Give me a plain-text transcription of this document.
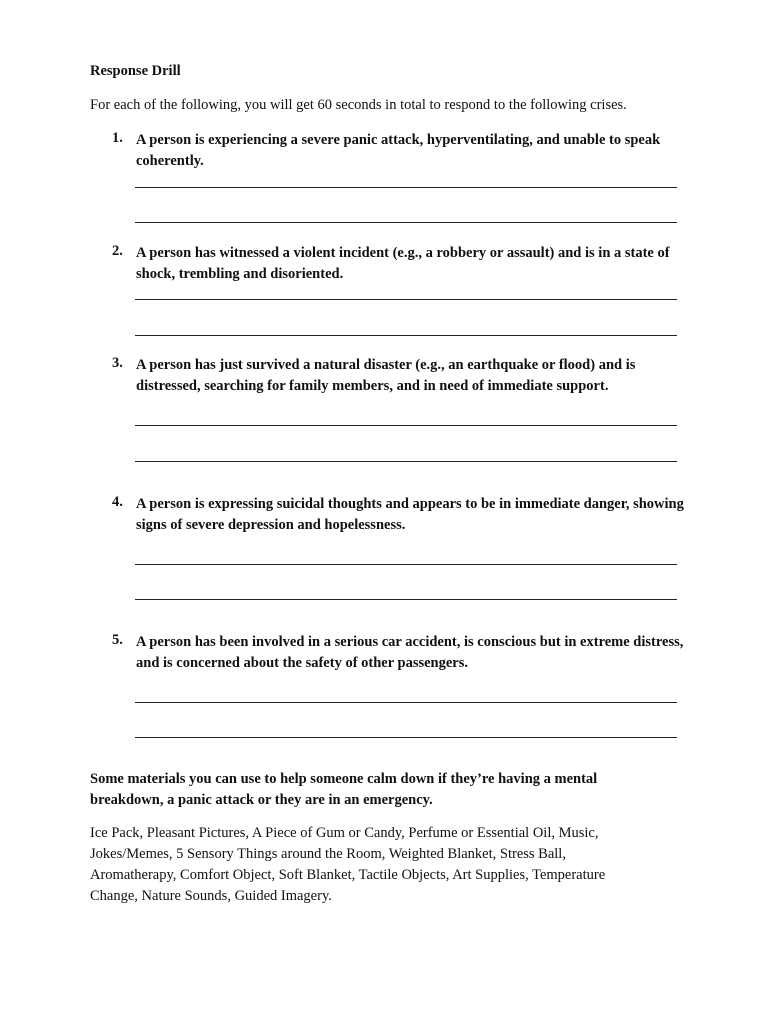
Response Drill
For each of the following, you will get 60 seconds in total to respond to the following crises.
1. A person is experiencing a severe panic attack, hyperventilating, and unable to speak coherently.
2. A person has witnessed a violent incident (e.g., a robbery or assault) and is in a state of shock, trembling and disoriented.
3. A person has just survived a natural disaster (e.g., an earthquake or flood) and is distressed, searching for family members, and in need of immediate support.
4. A person is expressing suicidal thoughts and appears to be in immediate danger, showing signs of severe depression and hopelessness.
5. A person has been involved in a serious car accident, is conscious but in extreme distress, and is concerned about the safety of other passengers.
Some materials you can use to help someone calm down if they’re having a mental breakdown, a panic attack or they are in an emergency.
Ice Pack, Pleasant Pictures, A Piece of Gum or Candy, Perfume or Essential Oil, Music, Jokes/Memes, 5 Sensory Things around the Room, Weighted Blanket, Stress Ball, Aromatherapy, Comfort Object, Soft Blanket, Tactile Objects, Art Supplies, Temperature Change, Nature Sounds, Guided Imagery.
